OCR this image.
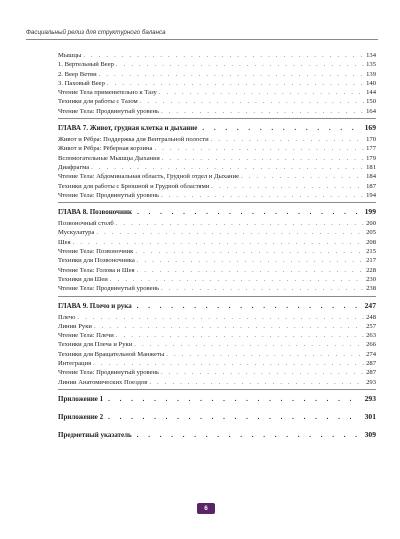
Фасциальный релиз для структурного баланса
Мышцы . . .	134
1. Вертельный Веер . . .	135
2. Веер Ветви . . .	139
3. Паховый Веер . . .	140
Чтение Тела применительно к Тазу . . .	144
Техники для работы с Тазом . . .	150
Чтение Тела: Продвинутый уровень . . .	164
ГЛАВА 7. Живот, грудная клетка и дыхание . . .	169
Живот и Рёбра: Поддержка для Вентральной полости . . .	170
Живот и Рёбра: Рёберная корзина . . .	177
Вспомогательные Мышцы Дыхания . . .	179
Диафрагма . . .	181
Чтение Тела: Абдоминальная область, Грудной отдел и Дыхание . . .	184
Техники для работы с Брюшной и Грудной областями . . .	187
Чтение Тела: Продвинутый уровень . . .	194
ГЛАВА 8. Позвоночник . . .	199
Позвоночный столб . . .	200
Мускулатура . . .	205
Шея . . .	208
Чтение Тела: Позвоночник . . .	215
Техники для Позвоночника . . .	217
Чтение Тела: Голова и Шея . . .	228
Техники для Шеи . . .	230
Чтение Тела: Продвинутый уровень . . .	238
ГЛАВА 9. Плечо и рука . . .	247
Плечо . . .	248
Линии Руки . . .	257
Чтение Тела: Плечи . . .	263
Техники для Плеча и Руки . . .	266
Техники для Вращательной Манжеты . . .	274
Интеграция . . .	287
Чтение Тела: Продвинутый уровень . . .	287
Линии Анатомических Поездов . . .	293
Приложение 1 . . .	293
Приложение 2 . . .	301
Предметный указатель . . .	309
6
